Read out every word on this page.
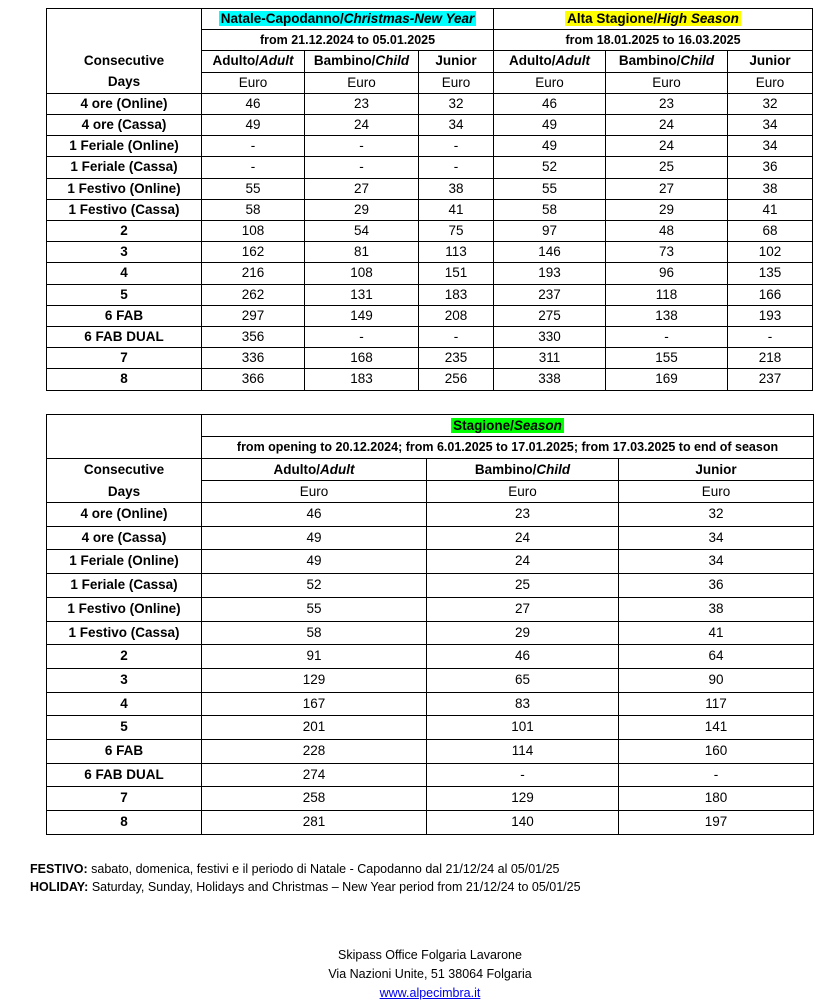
	Natale-Capodanno/Christmas-New Year			Alta Stagione/High Season		
	from 21.12.2024 to 05.01.2025			from 18.01.2025 to 16.03.2025		
Consecutive	Adulto/Adult	Bambino/Child	Junior	Adulto/Adult	Bambino/Child	Junior
Days	Euro	Euro	Euro	Euro	Euro	Euro
4 ore (Online)	46	23	32	46	23	32
4 ore (Cassa)	49	24	34	49	24	34
1 Feriale (Online)	-	-	-	49	24	34
1 Feriale (Cassa)	-	-	-	52	25	36
1 Festivo (Online)	55	27	38	55	27	38
1 Festivo (Cassa)	58	29	41	58	29	41
2	108	54	75	97	48	68
3	162	81	113	146	73	102
4	216	108	151	193	96	135
5	262	131	183	237	118	166
6 FAB	297	149	208	275	138	193
6 FAB DUAL	356	-	-	330	-	-
7	336	168	235	311	155	218
8	366	183	256	338	169	237
	Stagione/Season		
	from opening to 20.12.2024; from 6.01.2025 to 17.01.2025; from 17.03.2025 to end of season		
Consecutive	Adulto/Adult	Bambino/Child	Junior
Days	Euro	Euro	Euro
4 ore (Online)	46	23	32
4 ore (Cassa)	49	24	34
1 Feriale (Online)	49	24	34
1 Feriale (Cassa)	52	25	36
1 Festivo (Online)	55	27	38
1 Festivo (Cassa)	58	29	41
2	91	46	64
3	129	65	90
4	167	83	117
5	201	101	141
6 FAB	228	114	160
6 FAB DUAL	274	-	-
7	258	129	180
8	281	140	197
FESTIVO: sabato, domenica, festivi e il periodo di Natale - Capodanno dal 21/12/24 al 05/01/25
HOLIDAY: Saturday, Sunday, Holidays and Christmas – New Year period from 21/12/24 to 05/01/25
Skipass Office Folgaria Lavarone
Via Nazioni Unite, 51 38064 Folgaria
www.alpecimbra.it
